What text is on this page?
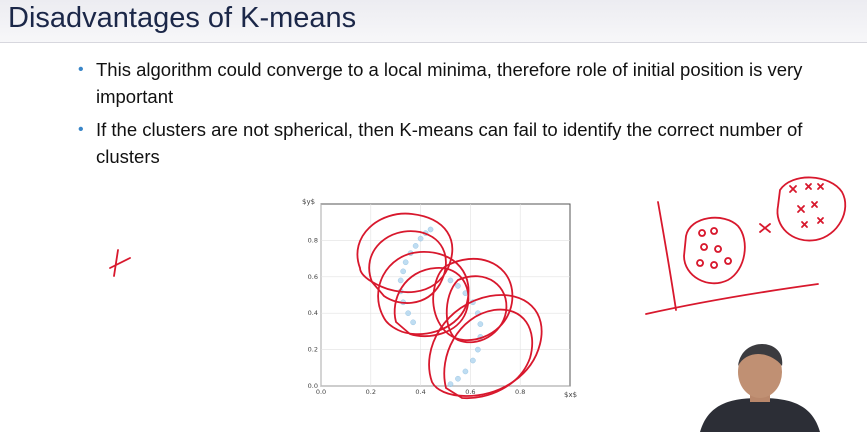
Disadvantages of K-means
• This algorithm could converge to a local minima, therefore role of initial position is very important
• If the clusters are not spherical, then K-means can fail to identify the correct number of clusters
0.0	0.2	0.4	0.6	0.8
0.0
0.2
0.4
0.6
0.8
$y$
$x$
